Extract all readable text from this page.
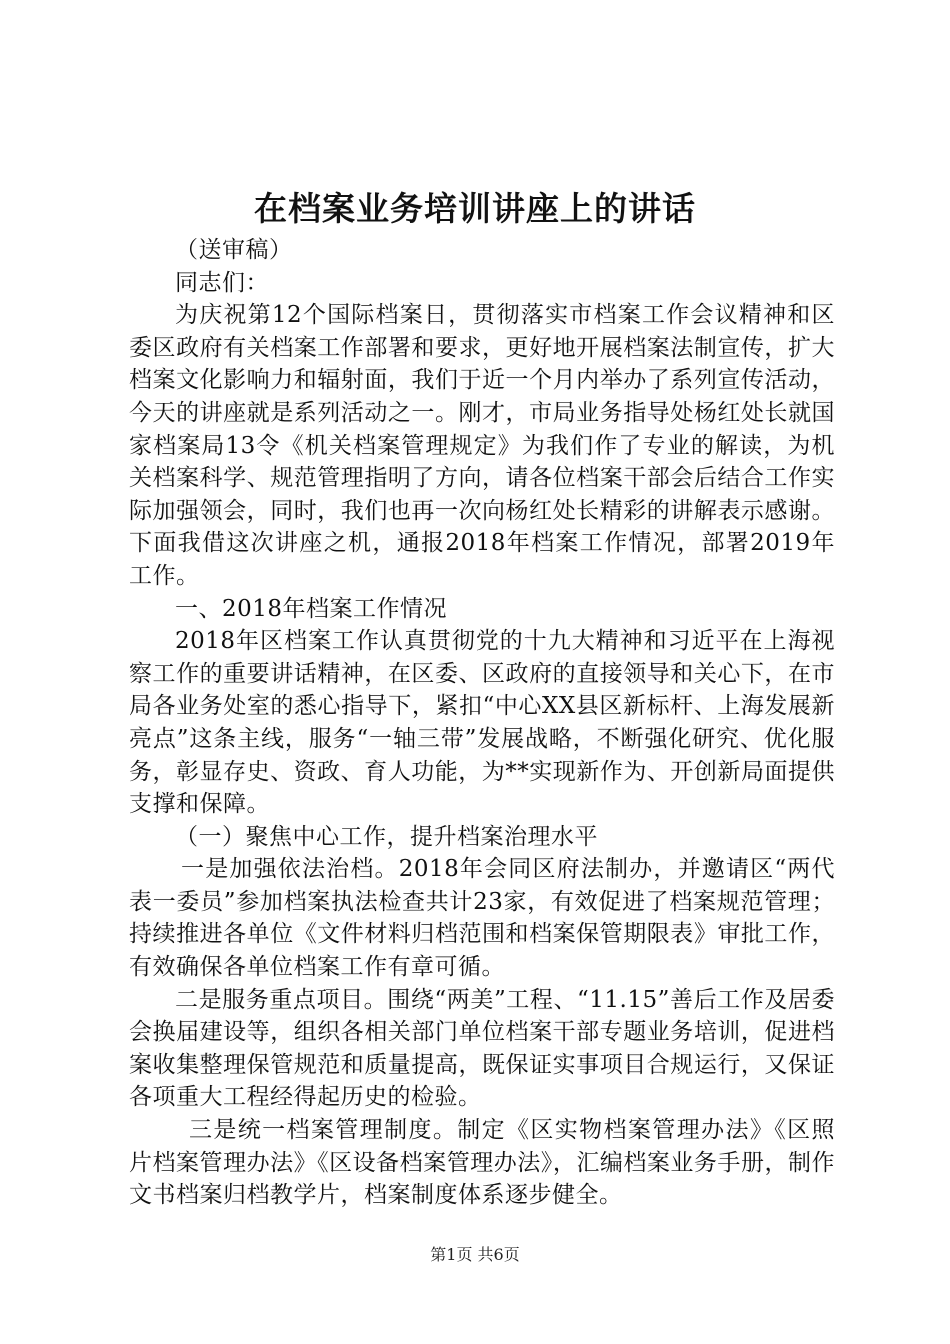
在档案业务培训讲座上的讲话

（送审稿）

同志们：

为庆祝第12个国际档案日，贯彻落实市档案工作会议精神和区委区政府有关档案工作部署和要求，更好地开展档案法制宣传，扩大档案文化影响力和辐射面，我们于近一个月内举办了系列宣传活动，今天的讲座就是系列活动之一。刚才，市局业务指导处杨红处长就国家档案局13令《机关档案管理规定》为我们作了专业的解读，为机关档案科学、规范管理指明了方向，请各位档案干部会后结合工作实际加强领会，同时，我们也再一次向杨红处长精彩的讲解表示感谢。下面我借这次讲座之机，通报2018年档案工作情况，部署2019年工作。

一、2018年档案工作情况

2018年区档案工作认真贯彻党的十九大精神和习近平在上海视察工作的重要讲话精神，在区委、区政府的直接领导和关心下，在市局各业务处室的悉心指导下，紧扣“中心XX县区新标杆、上海发展新亮点”这条主线，服务“一轴三带”发展战略，不断强化研究、优化服务，彰显存史、资政、育人功能，为**实现新作为、开创新局面提供支撑和保障。

（一）聚焦中心工作，提升档案治理水平

一是加强依法治档。2018年会同区府法制办，并邀请区“两代表一委员”参加档案执法检查共计23家，有效促进了档案规范管理；持续推进各单位《文件材料归档范围和档案保管期限表》审批工作，有效确保各单位档案工作有章可循。

二是服务重点项目。围绕“两美”工程、“11.15”善后工作及居委会换届建设等，组织各相关部门单位档案干部专题业务培训，促进档案收集整理保管规范和质量提高，既保证实事项目合规运行，又保证各项重大工程经得起历史的检验。

三是统一档案管理制度。制定《区实物档案管理办法》《区照片档案管理办法》《区设备档案管理办法》，汇编档案业务手册，制作文书档案归档教学片，档案制度体系逐步健全。

第1页 共6页
